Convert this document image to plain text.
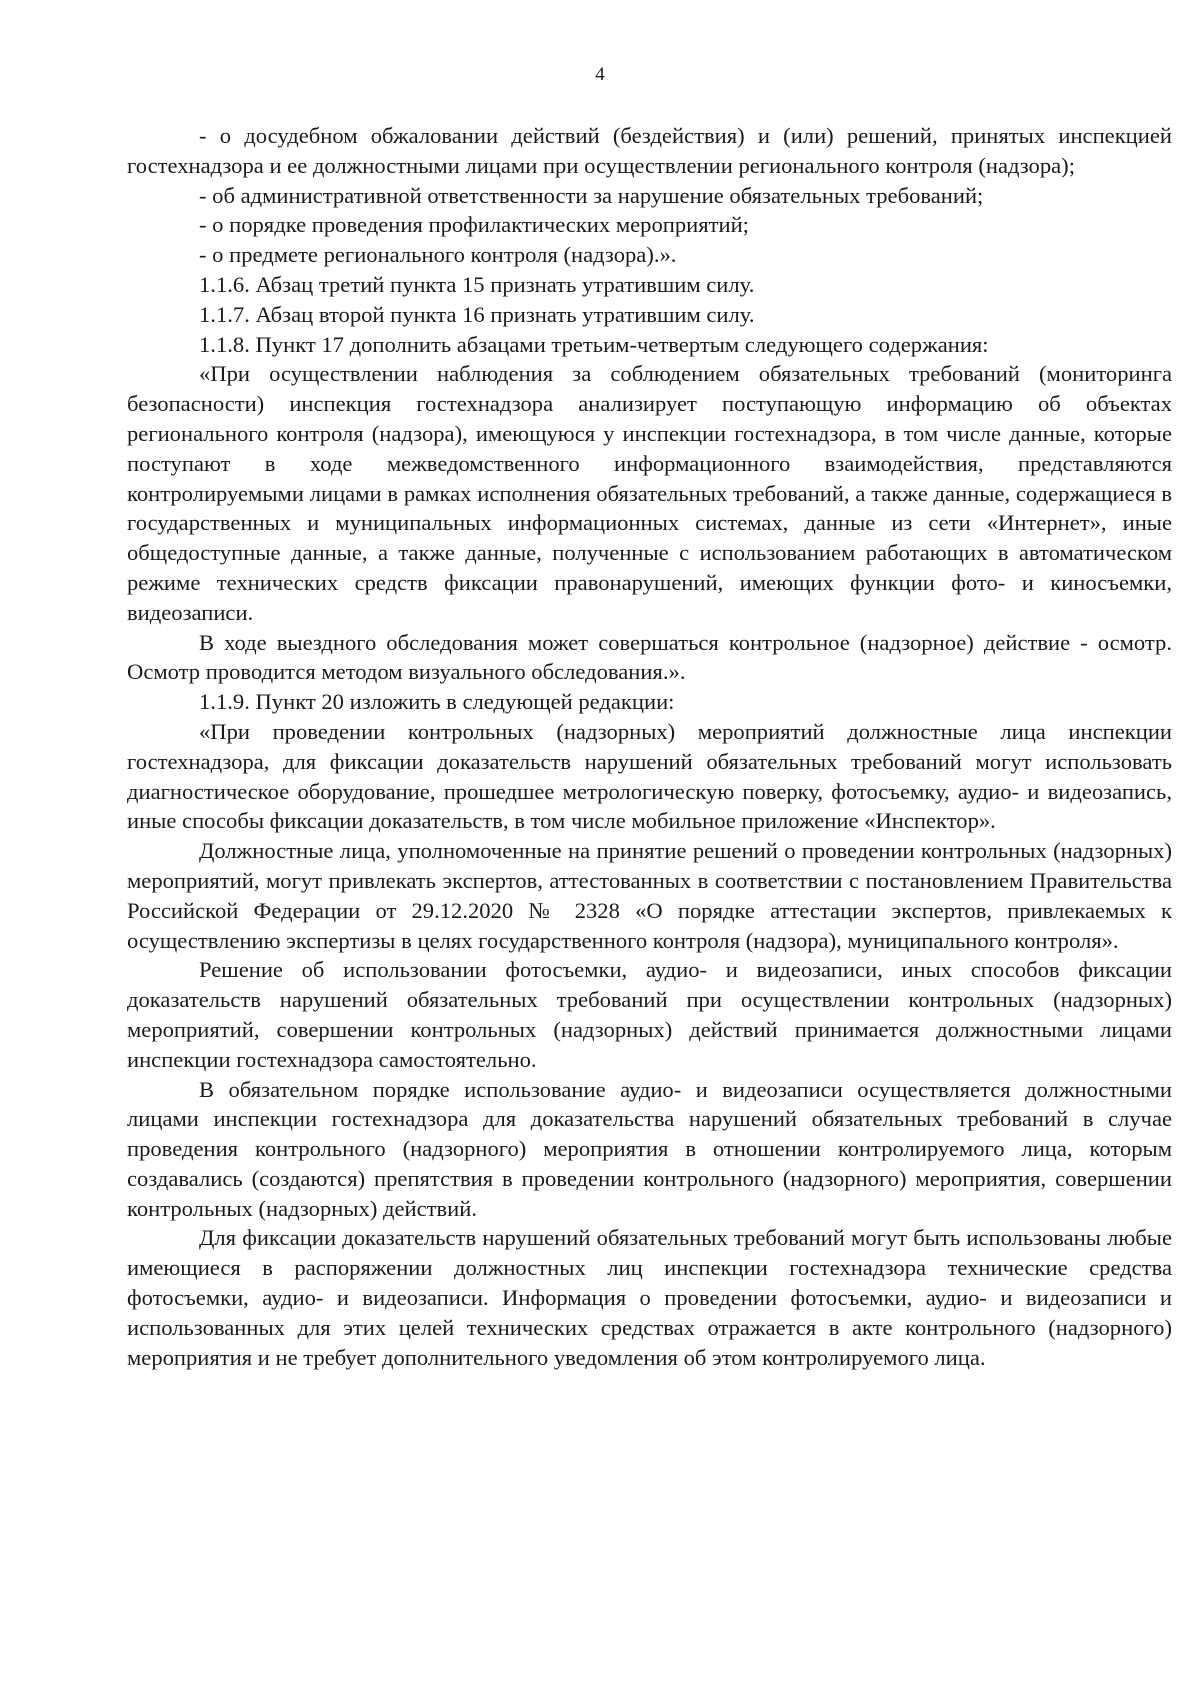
4

- о досудебном обжаловании действий (бездействия) и (или) решений, принятых инспекцией гостехнадзора и ее должностными лицами при осуществлении регионального контроля (надзора);

- об административной ответственности за нарушение обязательных требований;

- о порядке проведения профилактических мероприятий;

- о предмете регионального контроля (надзора).».

1.1.6. Абзац третий пункта 15 признать утратившим силу.

1.1.7. Абзац второй пункта 16 признать утратившим силу.

1.1.8. Пункт 17 дополнить абзацами третьим-четвертым следующего содержания:

«При осуществлении наблюдения за соблюдением обязательных требований (мониторинга безопасности) инспекция гостехнадзора анализирует поступающую информацию об объектах регионального контроля (надзора), имеющуюся у инспекции гостехнадзора, в том числе данные, которые поступают в ходе межведомственного информационного взаимодействия, представляются контролируемыми лицами в рамках исполнения обязательных требований, а также данные, содержащиеся в государственных и муниципальных информационных системах, данные из сети «Интернет», иные общедоступные данные, а также данные, полученные с использованием работающих в автоматическом режиме технических средств фиксации правонарушений, имеющих функции фото- и киносъемки, видеозаписи.

В ходе выездного обследования может совершаться контрольное (надзорное) действие - осмотр. Осмотр проводится методом визуального обследования.».

1.1.9. Пункт 20 изложить в следующей редакции:

«При проведении контрольных (надзорных) мероприятий должностные лица инспекции гостехнадзора, для фиксации доказательств нарушений обязательных требований могут использовать диагностическое оборудование, прошедшее метрологическую поверку, фотосъемку, аудио- и видеозапись, иные способы фиксации доказательств, в том числе мобильное приложение «Инспектор».

Должностные лица, уполномоченные на принятие решений о проведении контрольных (надзорных) мероприятий, могут привлекать экспертов, аттестованных в соответствии с постановлением Правительства Российской Федерации от 29.12.2020 № 2328 «О порядке аттестации экспертов, привлекаемых к осуществлению экспертизы в целях государственного контроля (надзора), муниципального контроля».

Решение об использовании фотосъемки, аудио- и видеозаписи, иных способов фиксации доказательств нарушений обязательных требований при осуществлении контрольных (надзорных) мероприятий, совершении контрольных (надзорных) действий принимается должностными лицами инспекции гостехнадзора самостоятельно.

В обязательном порядке использование аудио- и видеозаписи осуществляется должностными лицами инспекции гостехнадзора для доказательства нарушений обязательных требований в случае проведения контрольного (надзорного) мероприятия в отношении контролируемого лица, которым создавались (создаются) препятствия в проведении контрольного (надзорного) мероприятия, совершении контрольных (надзорных) действий.

Для фиксации доказательств нарушений обязательных требований могут быть использованы любые имеющиеся в распоряжении должностных лиц инспекции гостехнадзора технические средства фотосъемки, аудио- и видеозаписи. Информация о проведении фотосъемки, аудио- и видеозаписи и использованных для этих целей технических средствах отражается в акте контрольного (надзорного) мероприятия и не требует дополнительного уведомления об этом контролируемого лица.
